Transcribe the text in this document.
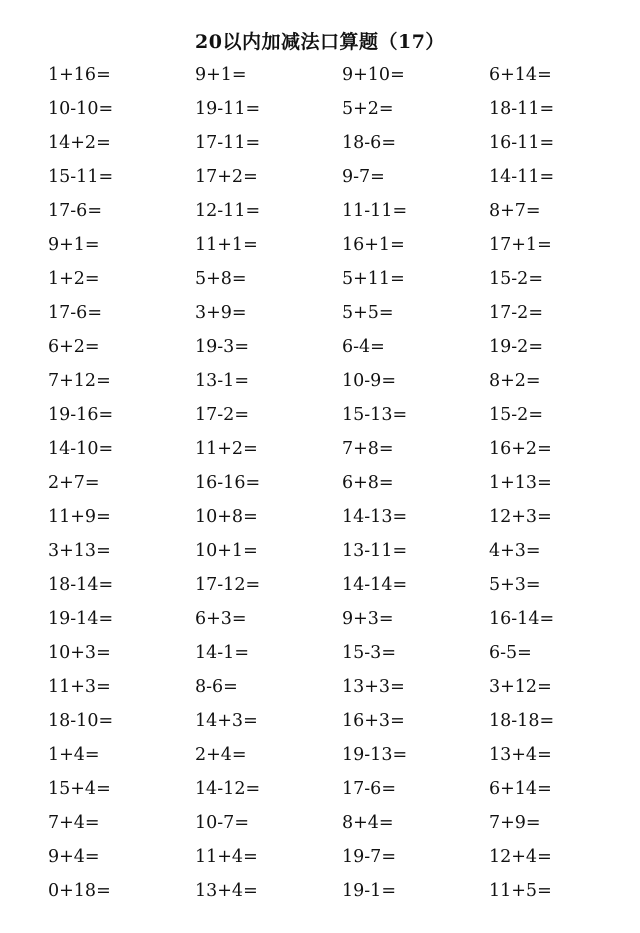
20以内加减法口算题（17）
1+16=	9+1=	9+10=	6+14=
10-10=	19-11=	5+2=	18-11=
14+2=	17-11=	18-6=	16-11=
15-11=	17+2=	9-7=	14-11=
17-6=	12-11=	11-11=	8+7=
9+1=	11+1=	16+1=	17+1=
1+2=	5+8=	5+11=	15-2=
17-6=	3+9=	5+5=	17-2=
6+2=	19-3=	6-4=	19-2=
7+12=	13-1=	10-9=	8+2=
19-16=	17-2=	15-13=	15-2=
14-10=	11+2=	7+8=	16+2=
2+7=	16-16=	6+8=	1+13=
11+9=	10+8=	14-13=	12+3=
3+13=	10+1=	13-11=	4+3=
18-14=	17-12=	14-14=	5+3=
19-14=	6+3=	9+3=	16-14=
10+3=	14-1=	15-3=	6-5=
11+3=	8-6=	13+3=	3+12=
18-10=	14+3=	16+3=	18-18=
1+4=	2+4=	19-13=	13+4=
15+4=	14-12=	17-6=	6+14=
7+4=	10-7=	8+4=	7+9=
9+4=	11+4=	19-7=	12+4=
0+18=	13+4=	19-1=	11+5=
